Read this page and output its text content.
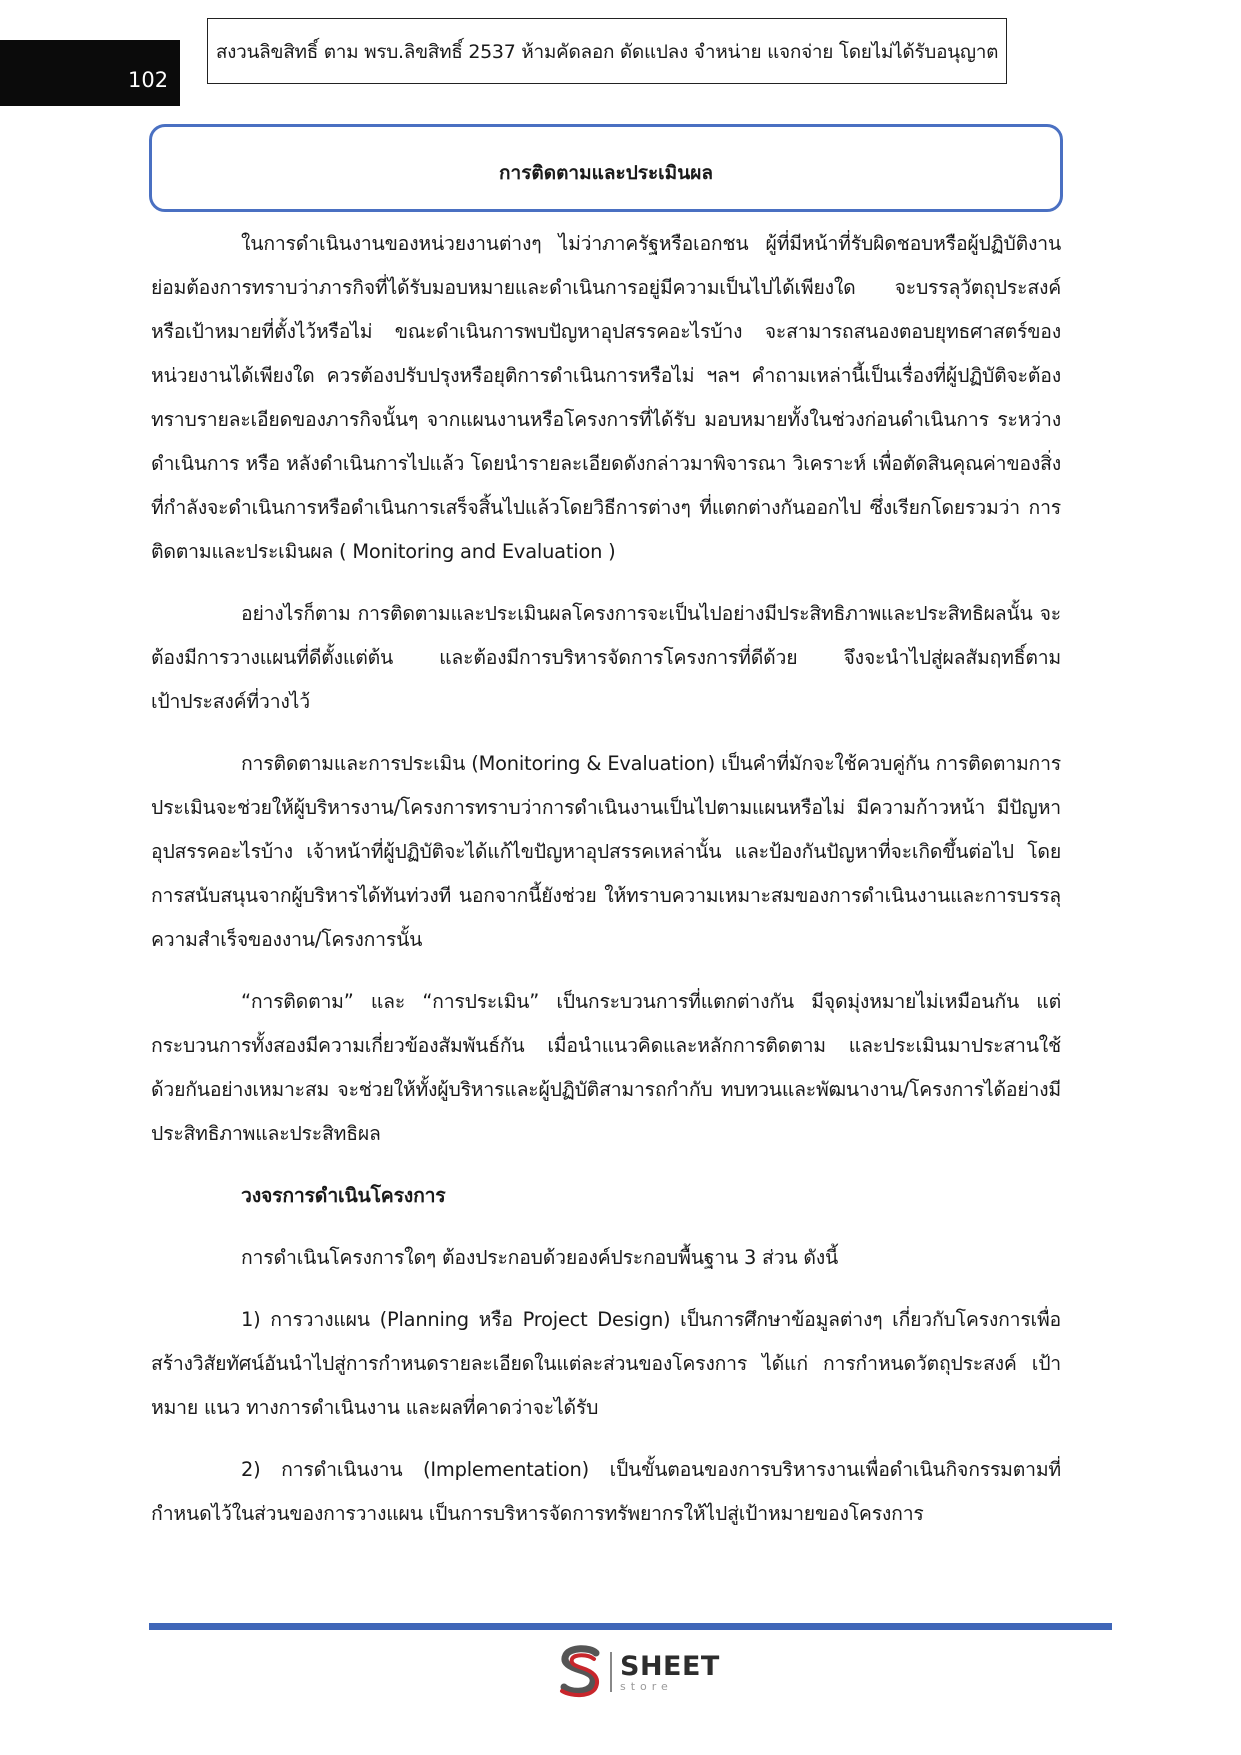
102
สงวนลิขสิทธิ์ ตาม พรบ.ลิขสิทธิ์ 2537 ห้ามคัดลอก ดัดแปลง จำหน่าย แจกจ่าย โดยไม่ได้รับอนุญาต
การติดตามและประเมินผล

ในการดำเนินงานของหน่วยงานต่างๆ ไม่ว่าภาครัฐหรือเอกชน ผู้ที่มีหน้าที่รับผิดชอบหรือผู้ปฏิบัติงานย่อมต้องการทราบว่าภารกิจที่ได้รับมอบหมายและดำเนินการอยู่มีความเป็นไปได้เพียงใด จะบรรลุวัตถุประสงค์หรือเป้าหมายที่ตั้งไว้หรือไม่ ขณะดำเนินการพบปัญหาอุปสรรคอะไรบ้าง จะสามารถสนองตอบยุทธศาสตร์ของหน่วยงานได้เพียงใด ควรต้องปรับปรุงหรือยุติการดำเนินการหรือไม่ ฯลฯ คำถามเหล่านี้เป็นเรื่องที่ผู้ปฏิบัติจะต้องทราบรายละเอียดของภารกิจนั้นๆ จากแผนงานหรือโครงการที่ได้รับ มอบหมายทั้งในช่วงก่อนดำเนินการ ระหว่างดำเนินการ หรือ หลังดำเนินการไปแล้ว โดยนำรายละเอียดดังกล่าวมาพิจารณา วิเคราะห์ เพื่อตัดสินคุณค่าของสิ่งที่กำลังจะดำเนินการหรือดำเนินการเสร็จสิ้นไปแล้วโดยวิธีการต่างๆ ที่แตกต่างกันออกไป ซึ่งเรียกโดยรวมว่า การติดตามและประเมินผล ( Monitoring and Evaluation )

อย่างไรก็ตาม การติดตามและประเมินผลโครงการจะเป็นไปอย่างมีประสิทธิภาพและประสิทธิผลนั้น จะต้องมีการวางแผนที่ดีตั้งแต่ต้น และต้องมีการบริหารจัดการโครงการที่ดีด้วย จึงจะนำไปสู่ผลสัมฤทธิ์ตามเป้าประสงค์ที่วางไว้

การติดตามและการประเมิน (Monitoring & Evaluation) เป็นคำที่มักจะใช้ควบคู่กัน การติดตามการประเมินจะช่วยให้ผู้บริหารงาน/โครงการทราบว่าการดำเนินงานเป็นไปตามแผนหรือไม่ มีความก้าวหน้า มีปัญหาอุปสรรคอะไรบ้าง เจ้าหน้าที่ผู้ปฏิบัติจะได้แก้ไขปัญหาอุปสรรคเหล่านั้น และป้องกันปัญหาที่จะเกิดขึ้นต่อไป โดยการสนับสนุนจากผู้บริหารได้ทันท่วงที นอกจากนี้ยังช่วย ให้ทราบความเหมาะสมของการดำเนินงานและการบรรลุความสำเร็จของงาน/โครงการนั้น

“การติดตาม” และ “การประเมิน” เป็นกระบวนการที่แตกต่างกัน มีจุดมุ่งหมายไม่เหมือนกัน แต่กระบวนการทั้งสองมีความเกี่ยวข้องสัมพันธ์กัน เมื่อนำแนวคิดและหลักการติดตาม และประเมินมาประสานใช้ด้วยกันอย่างเหมาะสม จะช่วยให้ทั้งผู้บริหารและผู้ปฏิบัติสามารถกำกับ ทบทวนและพัฒนางาน/โครงการได้อย่างมีประสิทธิภาพและประสิทธิผล

วงจรการดำเนินโครงการ

การดำเนินโครงการใดๆ ต้องประกอบด้วยองค์ประกอบพื้นฐาน 3 ส่วน ดังนี้

1) การวางแผน (Planning หรือ Project Design) เป็นการศึกษาข้อมูลต่างๆ เกี่ยวกับโครงการเพื่อสร้างวิสัยทัศน์อันนำไปสู่การกำหนดรายละเอียดในแต่ละส่วนของโครงการ ได้แก่ การกำหนดวัตถุประสงค์ เป้าหมาย แนว ทางการดำเนินงาน และผลที่คาดว่าจะได้รับ

2) การดำเนินงาน (Implementation) เป็นขั้นตอนของการบริหารงานเพื่อดำเนินกิจกรรมตามที่กำหนดไว้ในส่วนของการวางแผน เป็นการบริหารจัดการทรัพยากรให้ไปสู่เป้าหมายของโครงการ

SHEET
store
